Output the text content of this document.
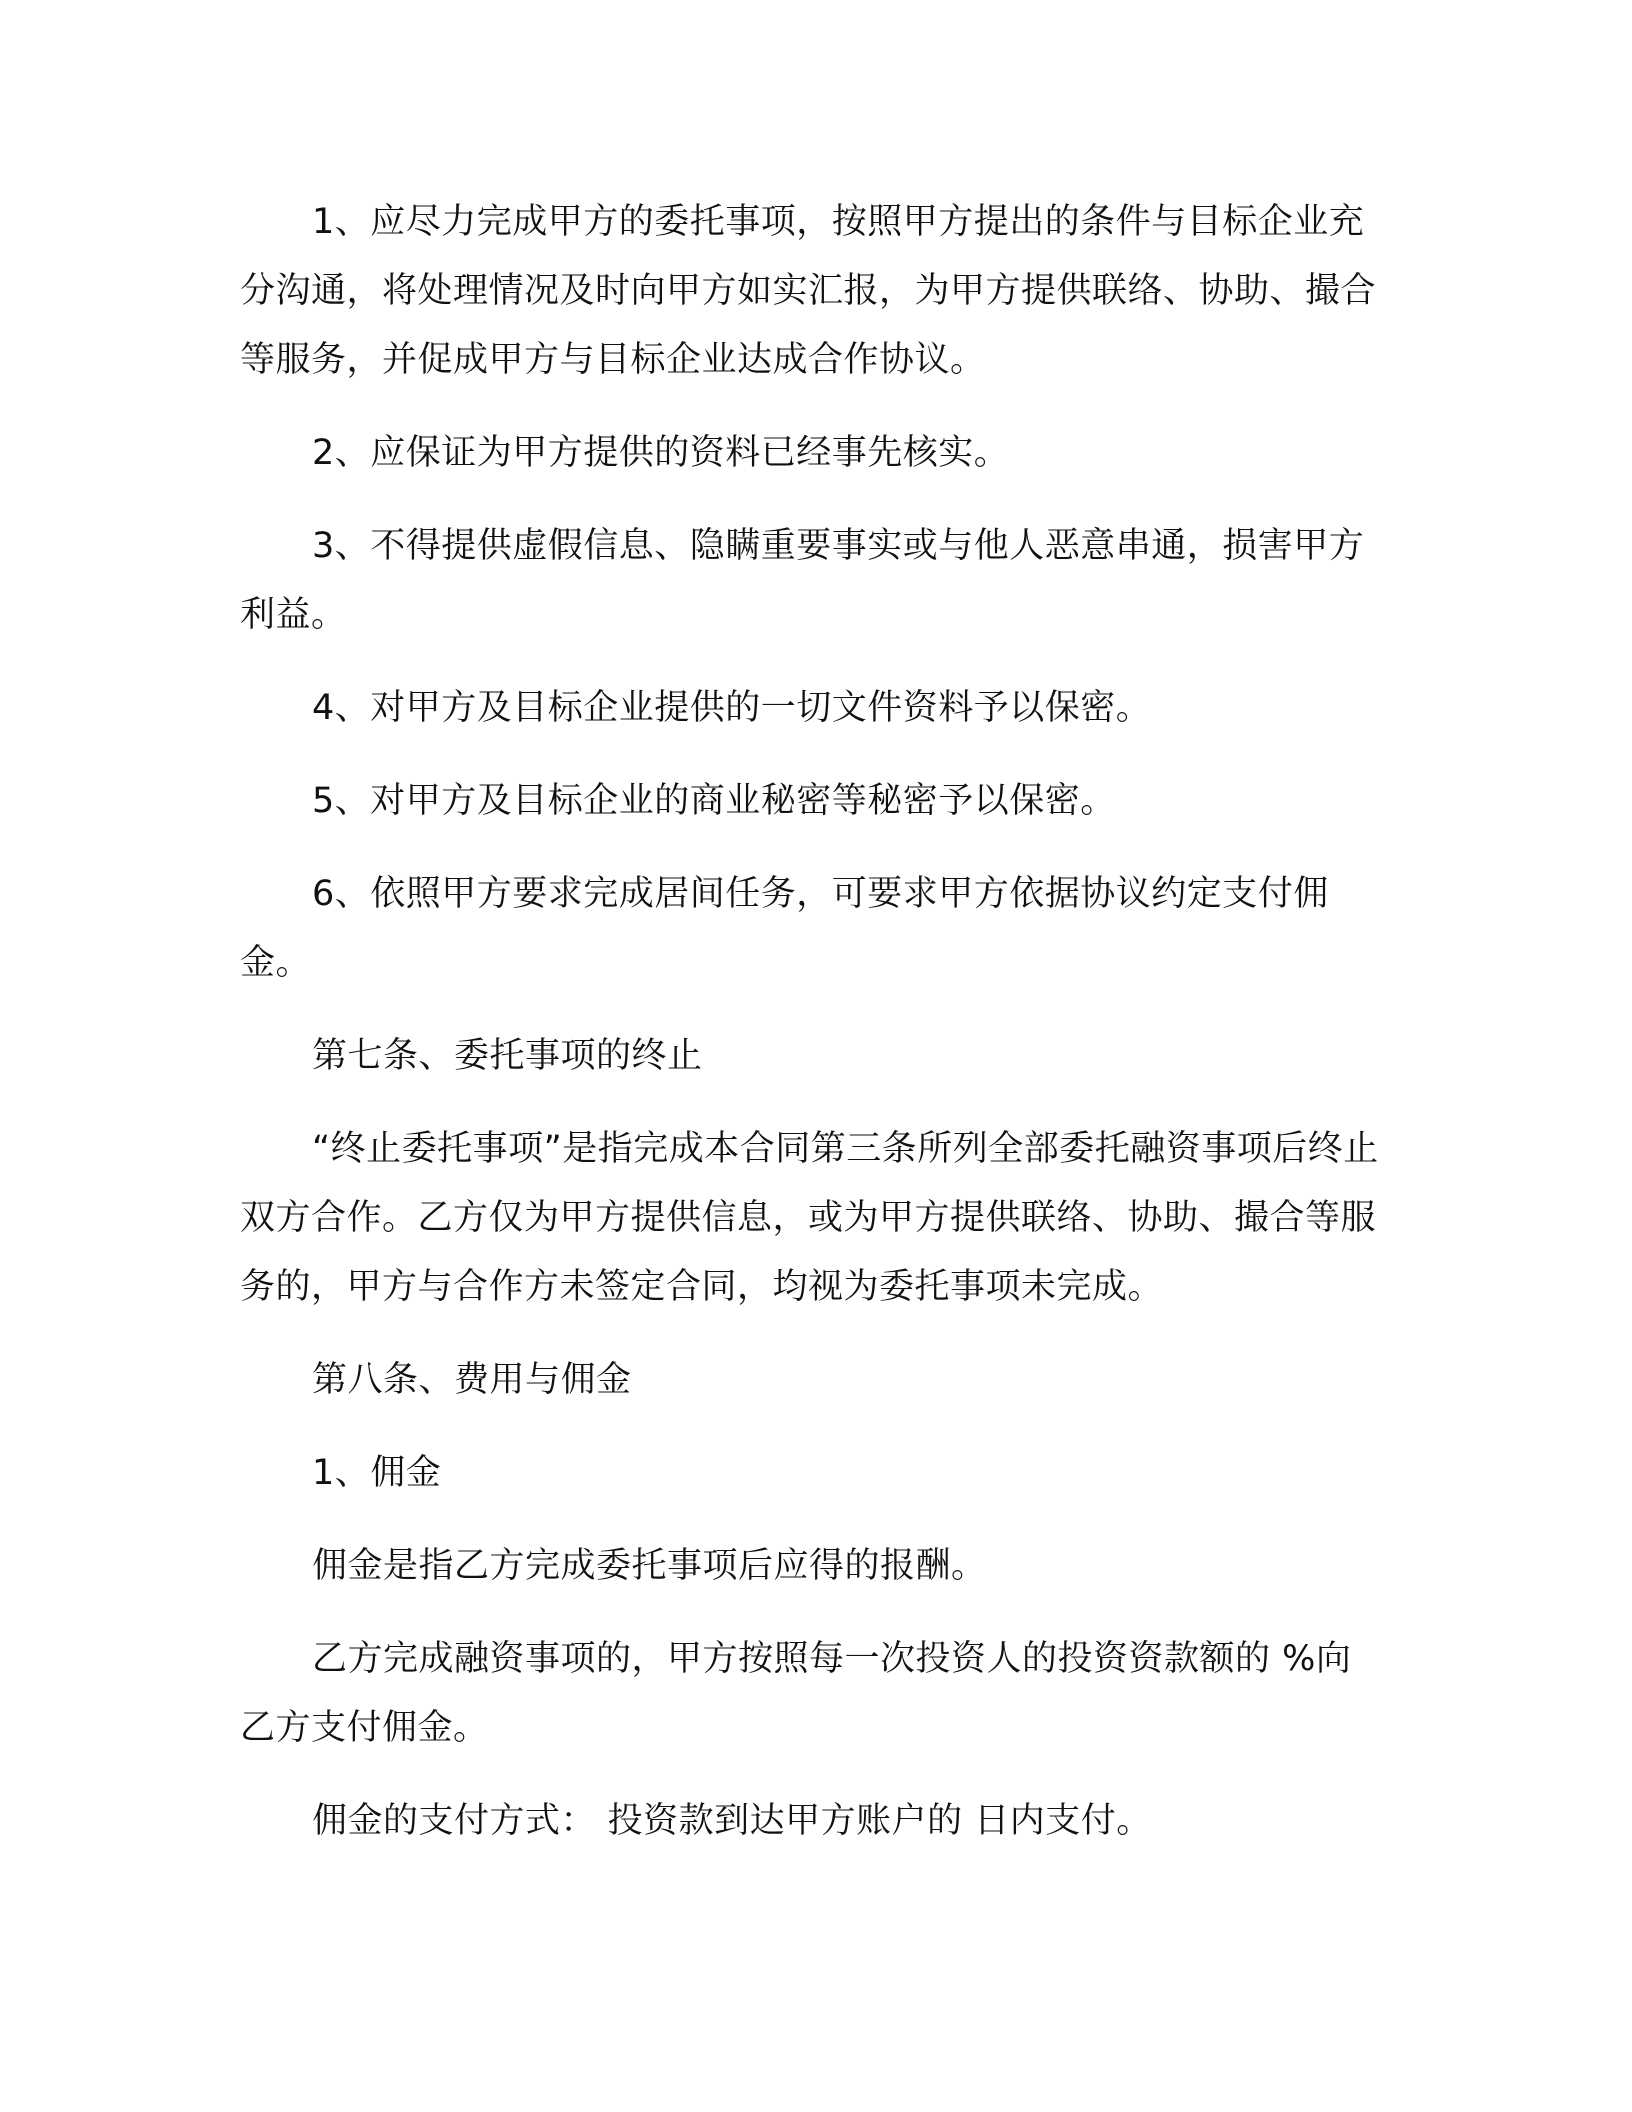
1、应尽力完成甲方的委托事项，按照甲方提出的条件与目标企业充分沟通，将处理情况及时向甲方如实汇报，为甲方提供联络、协助、撮合等服务，并促成甲方与目标企业达成合作协议。

2、应保证为甲方提供的资料已经事先核实。

3、不得提供虚假信息、隐瞒重要事实或与他人恶意串通，损害甲方利益。

4、对甲方及目标企业提供的一切文件资料予以保密。

5、对甲方及目标企业的商业秘密等秘密予以保密。

6、依照甲方要求完成居间任务，可要求甲方依据协议约定支付佣金。

第七条、委托事项的终止

“终止委托事项”是指完成本合同第三条所列全部委托融资事项后终止双方合作。乙方仅为甲方提供信息，或为甲方提供联络、协助、撮合等服务的，甲方与合作方未签定合同，均视为委托事项未完成。

第八条、费用与佣金

1、佣金

佣金是指乙方完成委托事项后应得的报酬。

乙方完成融资事项的，甲方按照每一次投资人的投资资款额的 %向乙方支付佣金。

佣金的支付方式： 投资款到达甲方账户的 日内支付。
